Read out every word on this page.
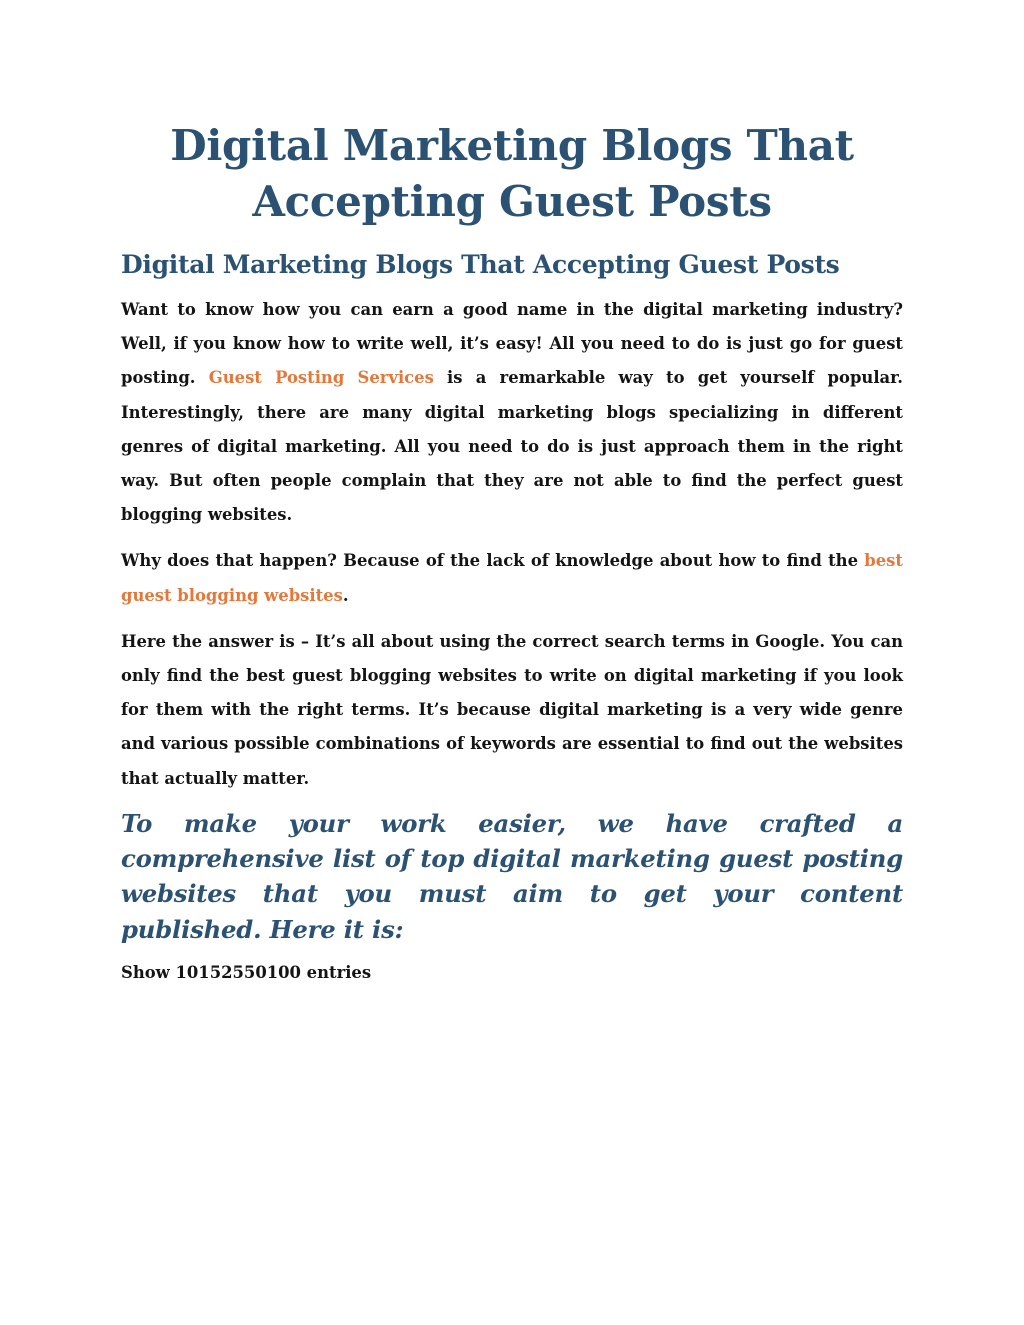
Digital Marketing Blogs That
Accepting Guest Posts
Digital Marketing Blogs That Accepting Guest Posts

Want to know how you can earn a good name in the digital marketing industry? Well, if you know how to write well, it’s easy! All you need to do is just go for guest posting. Guest Posting Services is a remarkable way to get yourself popular. Interestingly, there are many digital marketing blogs specializing in different genres of digital marketing. All you need to do is just approach them in the right way. But often people complain that they are not able to find the perfect guest blogging websites.

Why does that happen? Because of the lack of knowledge about how to find the best guest blogging websites.

Here the answer is – It’s all about using the correct search terms in Google. You can only find the best guest blogging websites to write on digital marketing if you look for them with the right terms. It’s because digital marketing is a very wide genre and various possible combinations of keywords are essential to find out the websites that actually matter.

To make your work easier, we have crafted a comprehensive list of top digital marketing guest posting websites that you must aim to get your content published. Here it is:

Show 10152550100 entries
